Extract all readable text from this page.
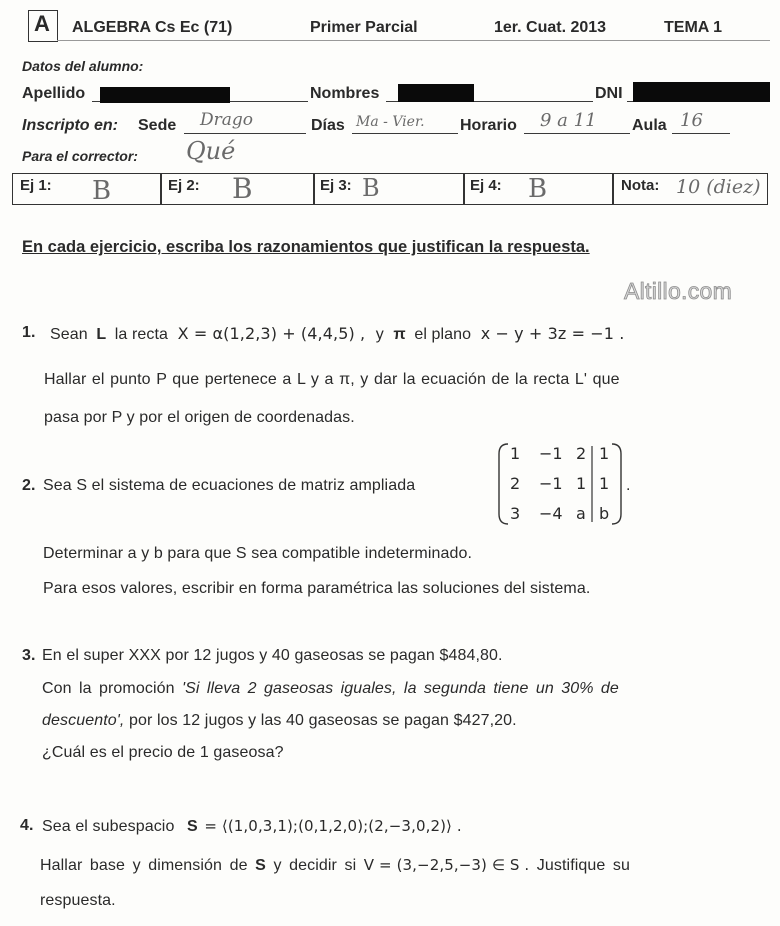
A ALGEBRA Cs Ec (71)	Primer Parcial	1er. Cuat. 2013	TEMA 1
Datos del alumno:
Apellido	Nombres	DNI
Inscripto en: Sede Drago	Días Ma - Vier. Horario 9 a 11 Aula 16
Para el corrector: Qué
Ej 1: B	Ej 2: B	Ej 3: B	Ej 4: B	Nota: 10 (diez)
En cada ejercicio, escriba los razonamientos que justifican la respuesta.
Altillo.com
1. Sean L la recta X = α(1,2,3) + (4,4,5) , y π el plano x − y + 3z = −1 .
Hallar el punto P que pertenece a L y a π, y dar la ecuación de la recta L' que
pasa por P y por el origen de coordenadas.
2. Sea S el sistema de ecuaciones de matriz ampliada
1 −1 2 1
2 −1 1 1
3 −4 a b
.
Determinar a y b para que S sea compatible indeterminado.
Para esos valores, escribir en forma paramétrica las soluciones del sistema.
3. En el super XXX por 12 jugos y 40 gaseosas se pagan $484,80.
Con la promoción 'Si lleva 2 gaseosas iguales, la segunda tiene un 30% de
descuento', por los 12 jugos y las 40 gaseosas se pagan $427,20.
¿Cuál es el precio de 1 gaseosa?
4. Sea el subespacio S = ⟨(1,0,3,1);(0,1,2,0);(2,−3,0,2)⟩ .
Hallar base y dimensión de S y decidir si V = (3,−2,5,−3) ∈ S . Justifique su
respuesta.
